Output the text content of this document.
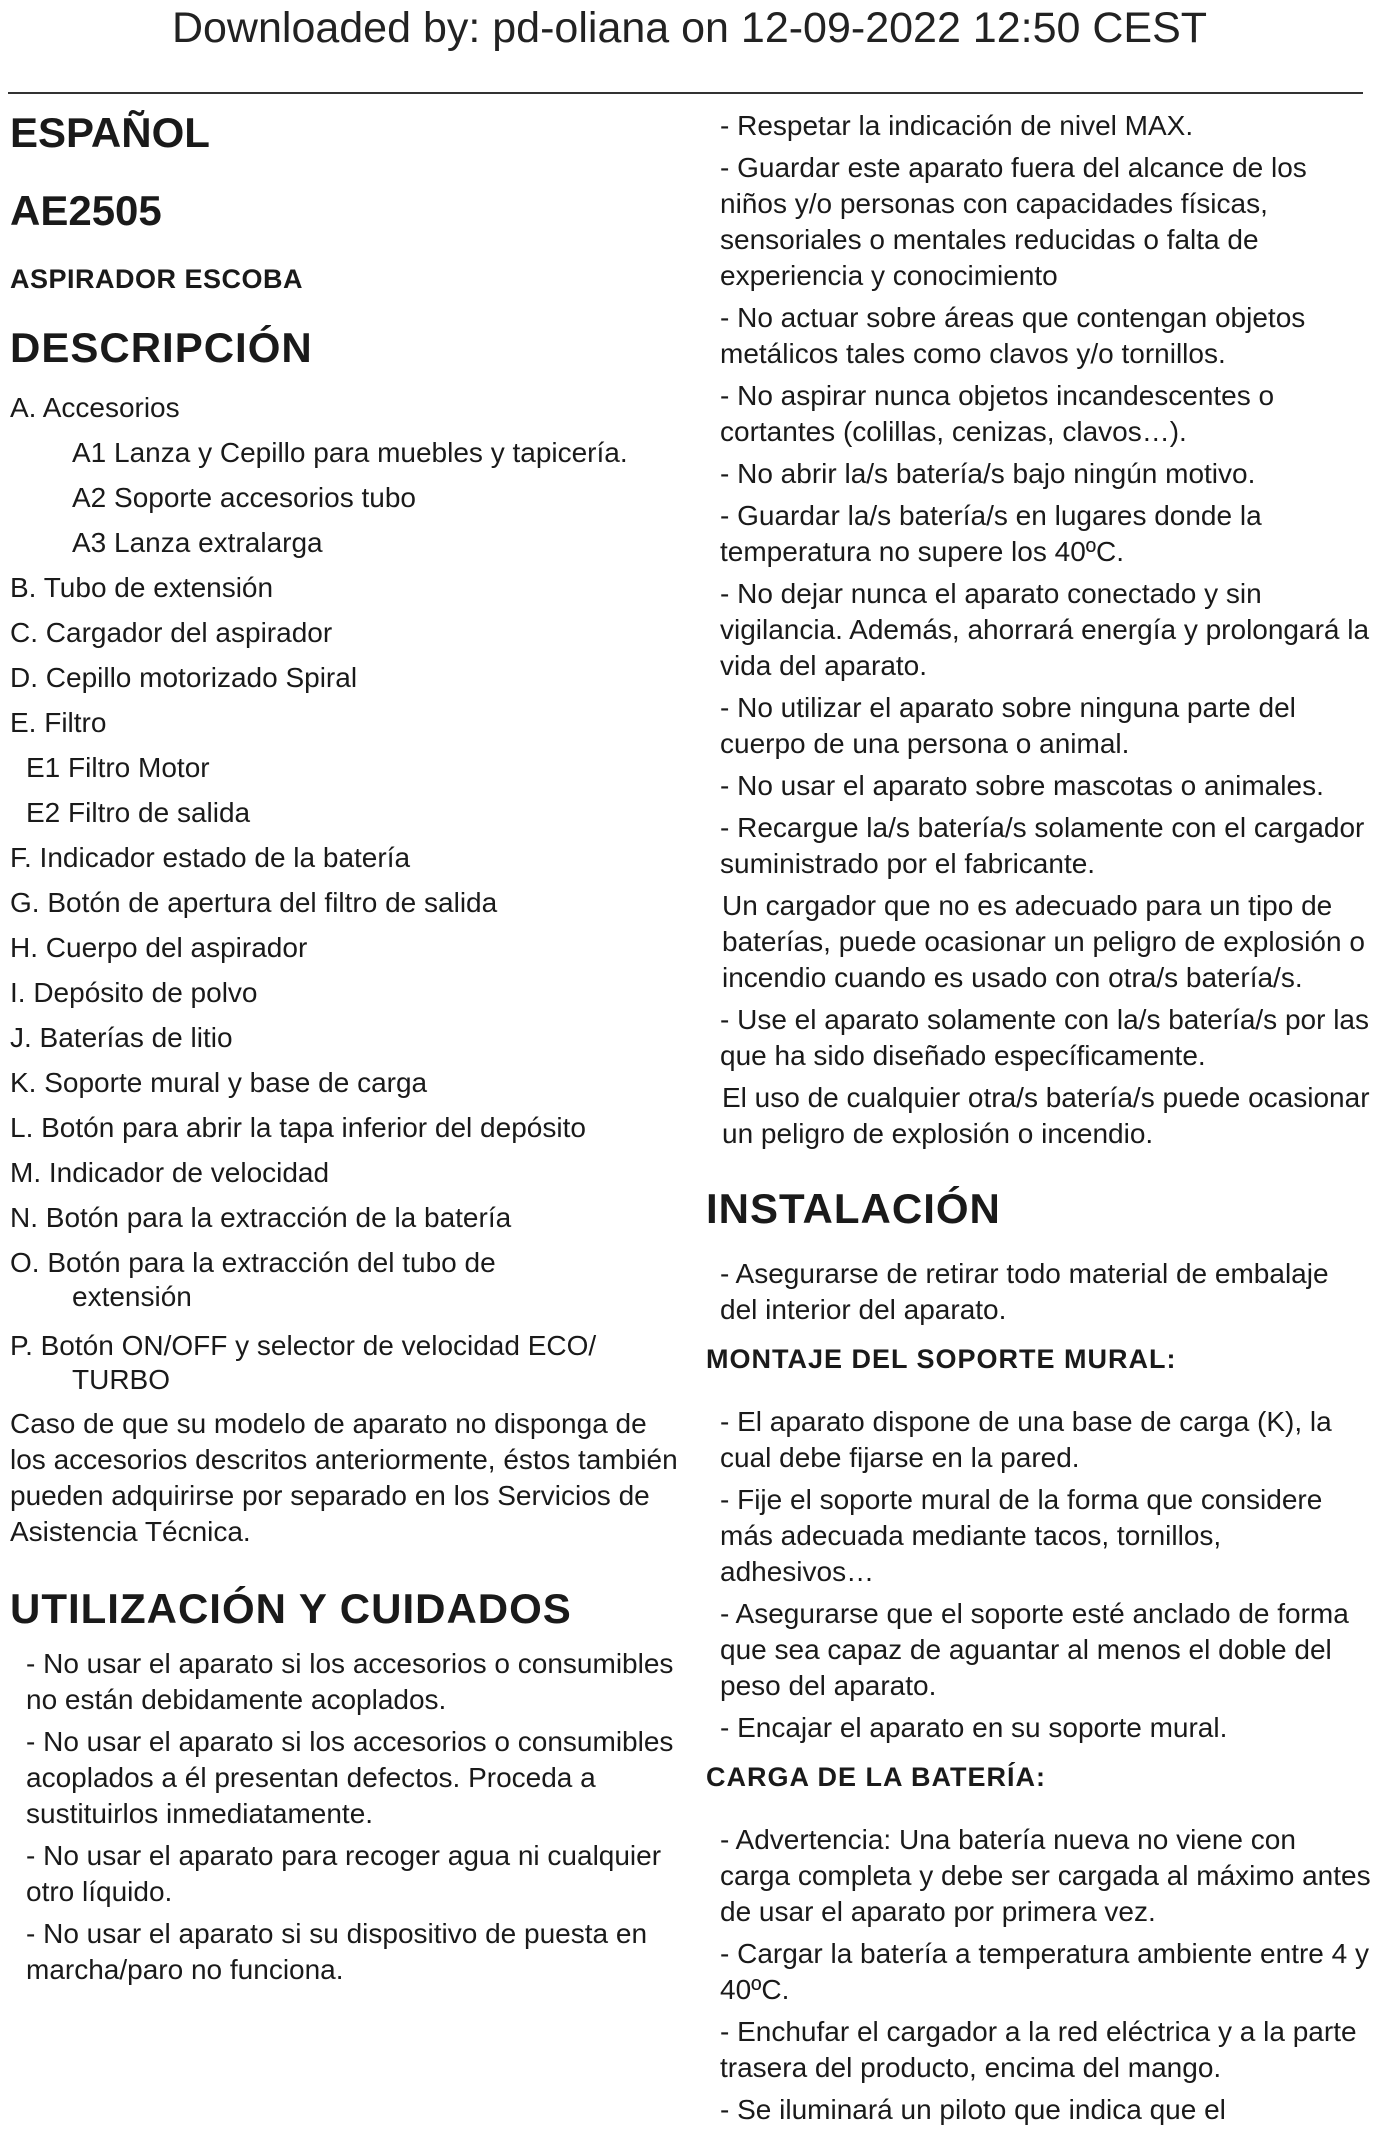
Downloaded by: pd-oliana on 12-09-2022 12:50 CEST
ESPAÑOL
AE2505
ASPIRADOR ESCOBA
DESCRIPCIÓN
A. Accesorios
A1 Lanza y Cepillo para muebles y tapicería.
A2 Soporte accesorios tubo
A3 Lanza extralarga
B. Tubo de extensión
C. Cargador del aspirador
D. Cepillo motorizado Spiral
E. Filtro
E1 Filtro Motor
E2 Filtro de salida
F. Indicador estado de la batería
G. Botón de apertura del filtro de salida
H. Cuerpo del aspirador
I. Depósito de polvo
J. Baterías de litio
K. Soporte mural y base de carga
L. Botón para abrir la tapa inferior del depósito
M. Indicador de velocidad
N. Botón para la extracción de la batería
O. Botón para la extracción del tubo de
extensión
P. Botón ON/OFF y selector de velocidad ECO/
TURBO
Caso de que su modelo de aparato no disponga de los accesorios descritos anteriormente, éstos también pueden adquirirse por separado en los Servicios de Asistencia Técnica.
UTILIZACIÓN Y CUIDADOS
- No usar el aparato si los accesorios o consumibles no están debidamente acoplados.
- No usar el aparato si los accesorios o consumibles acoplados a él presentan defectos. Proceda a sustituirlos inmediatamente.
- No usar el aparato para recoger agua ni cualquier otro líquido.
- No usar el aparato si su dispositivo de puesta en marcha/paro no funciona.
- Respetar la indicación de nivel MAX.
- Guardar este aparato fuera del alcance de los niños y/o personas con capacidades físicas, sensoriales o mentales reducidas o falta de experiencia y conocimiento
- No actuar sobre áreas que contengan objetos metálicos tales como clavos y/o tornillos.
- No aspirar nunca objetos incandescentes o cortantes (colillas, cenizas, clavos…).
- No abrir la/s batería/s bajo ningún motivo.
- Guardar la/s batería/s en lugares donde la temperatura no supere los 40ºC.
- No dejar nunca el aparato conectado y sin vigilancia. Además, ahorrará energía y prolongará la vida del aparato.
- No utilizar el aparato sobre ninguna parte del cuerpo de una persona o animal.
- No usar el aparato sobre mascotas o animales.
- Recargue la/s batería/s solamente con el cargador suministrado por el fabricante.
Un cargador que no es adecuado para un tipo de baterías, puede ocasionar un peligro de explosión o incendio cuando es usado con otra/s batería/s.
- Use el aparato solamente con la/s batería/s por las que ha sido diseñado específicamente.
El uso de cualquier otra/s batería/s puede ocasionar un peligro de explosión o incendio.
INSTALACIÓN
- Asegurarse de retirar todo material de embalaje del interior del aparato.
MONTAJE DEL SOPORTE MURAL:
- El aparato dispone de una base de carga (K), la cual debe fijarse en la pared.
- Fije el soporte mural de la forma que considere más adecuada mediante tacos, tornillos, adhesivos…
- Asegurarse que el soporte esté anclado de forma que sea capaz de aguantar al menos el doble del peso del aparato.
- Encajar el aparato en su soporte mural.
CARGA DE LA BATERÍA:
- Advertencia: Una batería nueva no viene con carga completa y debe ser cargada al máximo antes de usar el aparato por primera vez.
- Cargar la batería a temperatura ambiente entre 4 y 40ºC.
- Enchufar el cargador a la red eléctrica y a la parte trasera del producto, encima del mango.
- Se iluminará un piloto que indica que el
